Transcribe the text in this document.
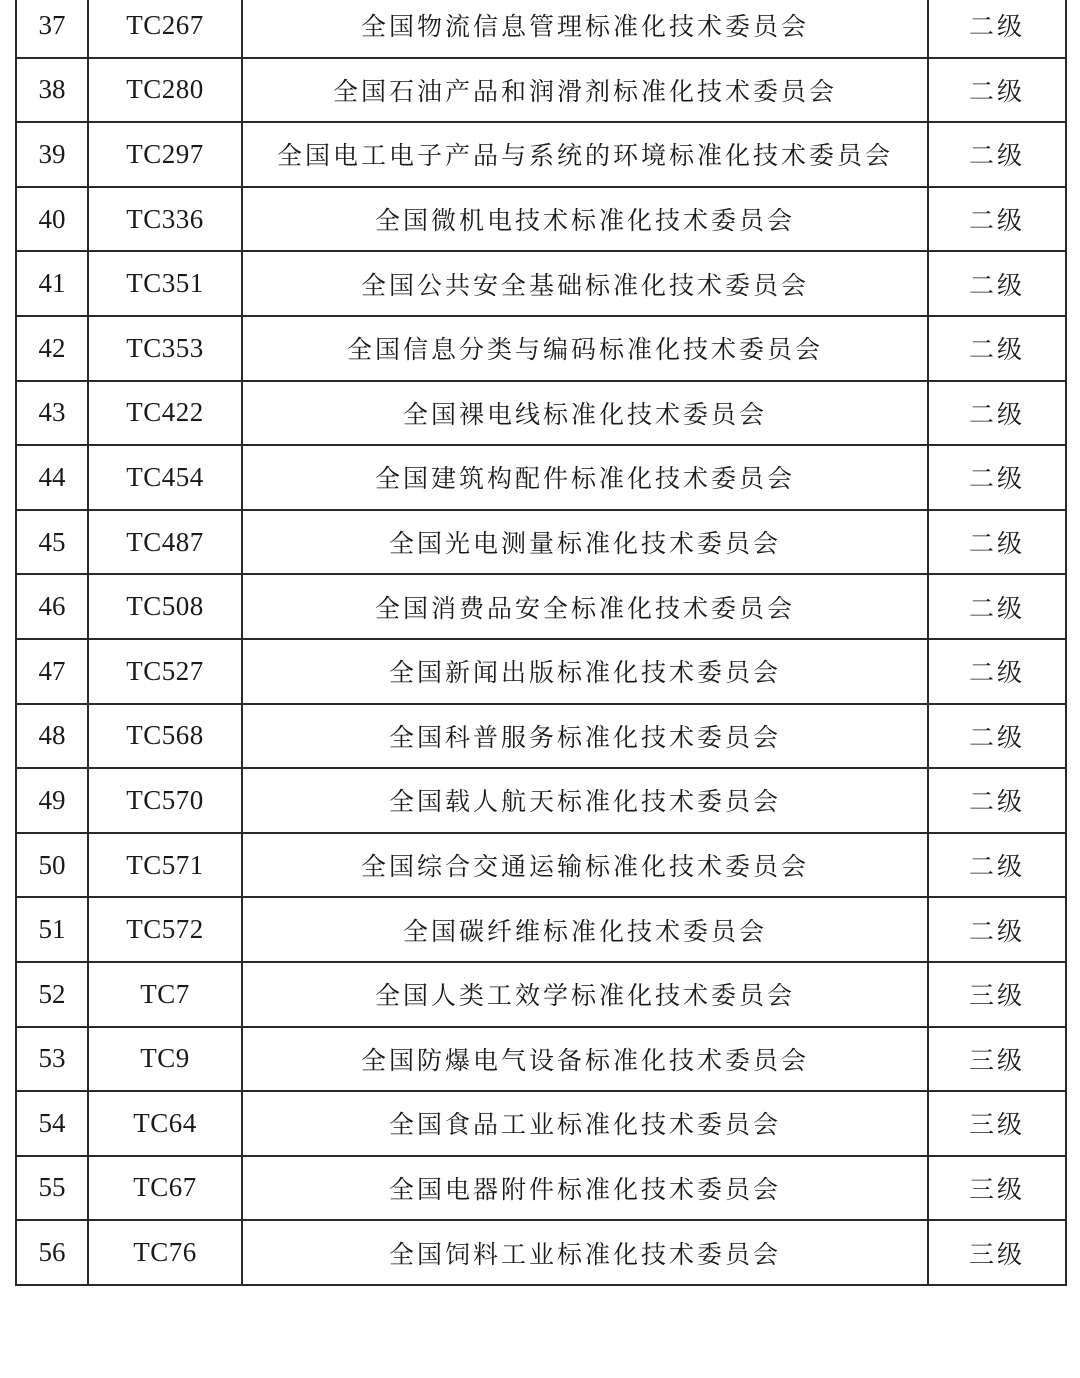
37	TC267	全国物流信息管理标准化技术委员会	二级
38	TC280	全国石油产品和润滑剂标准化技术委员会	二级
39	TC297	全国电工电子产品与系统的环境标准化技术委员会	二级
40	TC336	全国微机电技术标准化技术委员会	二级
41	TC351	全国公共安全基础标准化技术委员会	二级
42	TC353	全国信息分类与编码标准化技术委员会	二级
43	TC422	全国裸电线标准化技术委员会	二级
44	TC454	全国建筑构配件标准化技术委员会	二级
45	TC487	全国光电测量标准化技术委员会	二级
46	TC508	全国消费品安全标准化技术委员会	二级
47	TC527	全国新闻出版标准化技术委员会	二级
48	TC568	全国科普服务标准化技术委员会	二级
49	TC570	全国载人航天标准化技术委员会	二级
50	TC571	全国综合交通运输标准化技术委员会	二级
51	TC572	全国碳纤维标准化技术委员会	二级
52	TC7	全国人类工效学标准化技术委员会	三级
53	TC9	全国防爆电气设备标准化技术委员会	三级
54	TC64	全国食品工业标准化技术委员会	三级
55	TC67	全国电器附件标准化技术委员会	三级
56	TC76	全国饲料工业标准化技术委员会	三级
